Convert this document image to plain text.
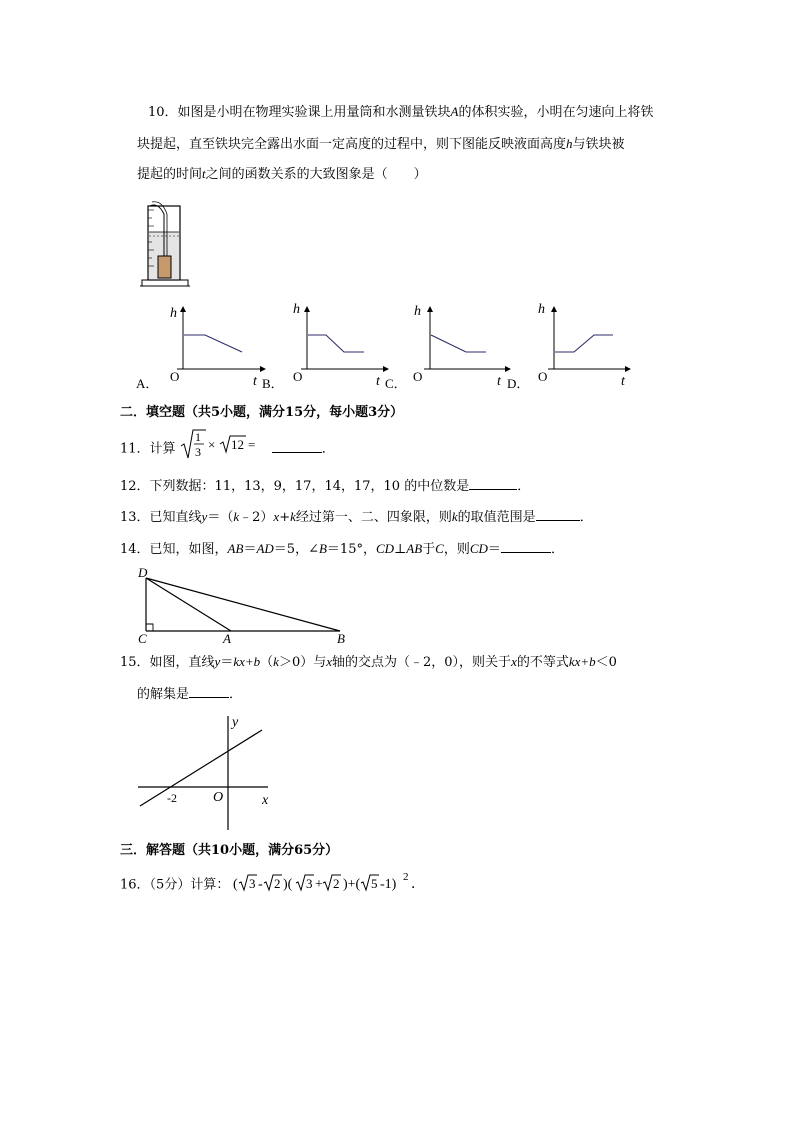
10．如图是小明在物理实验课上用量筒和水测量铁块A的体积实验，小明在匀速向上将铁
块提起，直至铁块完全露出水面一定高度的过程中，则下图能反映液面高度h与铁块被
提起的时间t之间的函数关系的大致图象是（　　）
h
O	t
h
O	t
h
O	t
h
O	t
A．	B．	C．	D．
二．填空题（共5小题，满分15分，每小题3分）
11．计算
1
3 × 12 =	．
12．下列数据：11，13，9，17，14，17，10 的中位数是	．
13．已知直线y＝（k﹣2）x+k经过第一、二、四象限，则k的取值范围是	．
14．已知，如图，AB＝AD＝5，∠B＝15°，CD⊥AB于C，则CD＝	．
D
C	A	B
15．如图，直线y＝kx+b（k＞0）与x轴的交点为（﹣2，0），则关于x的不等式kx+b＜0
的解集是	．
y
x
O
-2
三．解答题（共10小题，满分65分）
16．（5分）计算： ( 3 - 2 )( 3 + 2 )+( 5 -1) 2 ．
